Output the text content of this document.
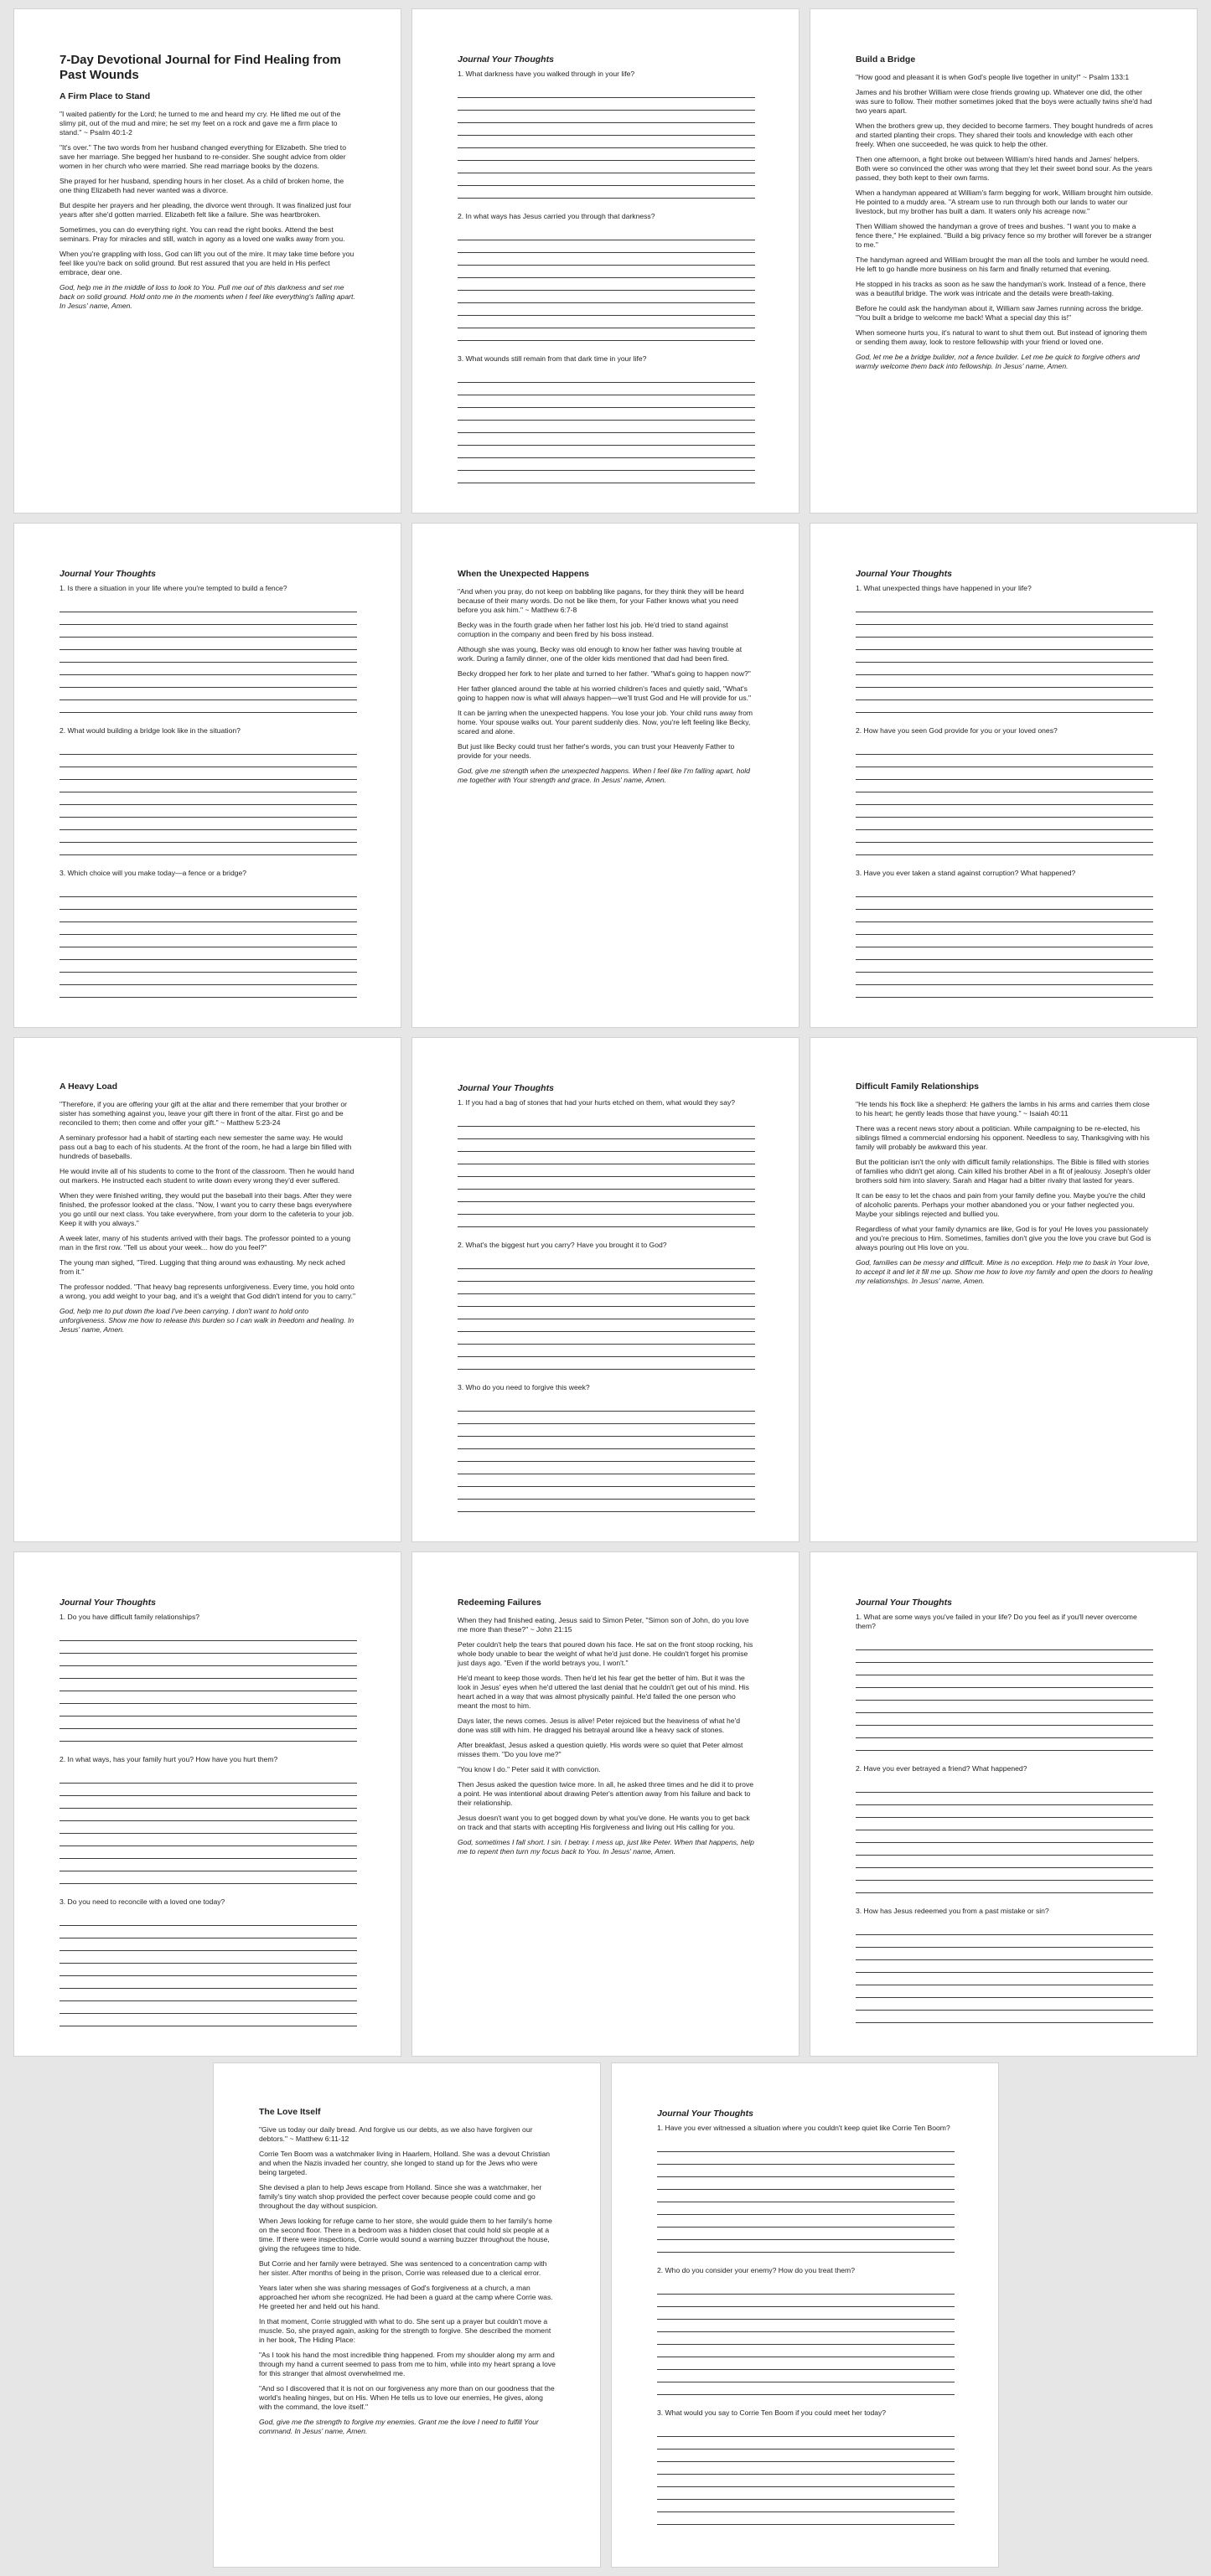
7-Day Devotional Journal for Find Healing from Past Wounds
A Firm Place to Stand
"I waited patiently for the Lord; he turned to me and heard my cry. He lifted me out of the slimy pit, out of the mud and mire; he set my feet on a rock and gave me a firm place to stand." ~ Psalm 40:1-2
"It's over." The two words from her husband changed everything for Elizabeth. She tried to save her marriage. She begged her husband to re-consider. She sought advice from older women in her church who were married. She read marriage books by the dozens.
She prayed for her husband, spending hours in her closet. As a child of broken home, the one thing Elizabeth had never wanted was a divorce.
But despite her prayers and her pleading, the divorce went through. It was finalized just four years after she'd gotten married. Elizabeth felt like a failure. She was heartbroken.
Sometimes, you can do everything right. You can read the right books. Attend the best seminars. Pray for miracles and still, watch in agony as a loved one walks away from you.
When you're grappling with loss, God can lift you out of the mire. It may take time before you feel like you're back on solid ground. But rest assured that you are held in His perfect embrace, dear one.
God, help me in the middle of loss to look to You. Pull me out of this darkness and set me back on solid ground. Hold onto me in the moments when I feel like everything's falling apart. In Jesus' name, Amen.
Journal Your Thoughts
1. What darkness have you walked through in your life?
2. In what ways has Jesus carried you through that darkness?
3. What wounds still remain from that dark time in your life?
Build a Bridge
"How good and pleasant it is when God's people live together in unity!" ~ Psalm 133:1
James and his brother William were close friends growing up. Whatever one did, the other was sure to follow. Their mother sometimes joked that the boys were actually twins she'd had two years apart.
When the brothers grew up, they decided to become farmers. They bought hundreds of acres and started planting their crops. They shared their tools and knowledge with each other freely. When one succeeded, he was quick to help the other.
Then one afternoon, a fight broke out between William's hired hands and James' helpers. Both were so convinced the other was wrong that they let their sweet bond sour. As the years passed, they both kept to their own farms.
When a handyman appeared at William's farm begging for work, William brought him outside. He pointed to a muddy area. "A stream use to run through both our lands to water our livestock, but my brother has built a dam. It waters only his acreage now."
Then William showed the handyman a grove of trees and bushes. "I want you to make a fence there," He explained. "Build a big privacy fence so my brother will forever be a stranger to me."
The handyman agreed and William brought the man all the tools and lumber he would need. He left to go handle more business on his farm and finally returned that evening.
He stopped in his tracks as soon as he saw the handyman's work. Instead of a fence, there was a beautiful bridge. The work was intricate and the details were breath-taking.
Before he could ask the handyman about it, William saw James running across the bridge. "You built a bridge to welcome me back! What a special day this is!"
When someone hurts you, it's natural to want to shut them out. But instead of ignoring them or sending them away, look to restore fellowship with your friend or loved one.
God, let me be a bridge builder, not a fence builder. Let me be quick to forgive others and warmly welcome them back into fellowship. In Jesus' name, Amen.
Journal Your Thoughts
1. Is there a situation in your life where you're tempted to build a fence?
2. What would building a bridge look like in the situation?
3. Which choice will you make today—a fence or a bridge?
When the Unexpected Happens
"And when you pray, do not keep on babbling like pagans, for they think they will be heard because of their many words. Do not be like them, for your Father knows what you need before you ask him." ~ Matthew 6:7-8
Becky was in the fourth grade when her father lost his job. He'd tried to stand against corruption in the company and been fired by his boss instead.
Although she was young, Becky was old enough to know her father was having trouble at work. During a family dinner, one of the older kids mentioned that dad had been fired.
Becky dropped her fork to her plate and turned to her father. "What's going to happen now?"
Her father glanced around the table at his worried children's faces and quietly said, "What's going to happen now is what will always happen—we'll trust God and He will provide for us."
It can be jarring when the unexpected happens. You lose your job. Your child runs away from home. Your spouse walks out. Your parent suddenly dies. Now, you're left feeling like Becky, scared and alone.
But just like Becky could trust her father's words, you can trust your Heavenly Father to provide for your needs.
God, give me strength when the unexpected happens. When I feel like I'm falling apart, hold me together with Your strength and grace. In Jesus' name, Amen.
Journal Your Thoughts
1. What unexpected things have happened in your life?
2. How have you seen God provide for you or your loved ones?
3. Have you ever taken a stand against corruption? What happened?
A Heavy Load
"Therefore, if you are offering your gift at the altar and there remember that your brother or sister has something against you, leave your gift there in front of the altar. First go and be reconciled to them; then come and offer your gift." ~ Matthew 5:23-24
A seminary professor had a habit of starting each new semester the same way. He would pass out a bag to each of his students. At the front of the room, he had a large bin filled with hundreds of baseballs.
He would invite all of his students to come to the front of the classroom. Then he would hand out markers. He instructed each student to write down every wrong they'd ever suffered.
When they were finished writing, they would put the baseball into their bags. After they were finished, the professor looked at the class. "Now, I want you to carry these bags everywhere you go until our next class. You take everywhere, from your dorm to the cafeteria to your job. Keep it with you always."
A week later, many of his students arrived with their bags. The professor pointed to a young man in the first row. "Tell us about your week... how do you feel?"
The young man sighed, "Tired. Lugging that thing around was exhausting. My neck ached from it."
The professor nodded. "That heavy bag represents unforgiveness. Every time, you hold onto a wrong, you add weight to your bag, and it's a weight that God didn't intend for you to carry."
God, help me to put down the load I've been carrying. I don't want to hold onto unforgiveness. Show me how to release this burden so I can walk in freedom and healing. In Jesus' name, Amen.
Journal Your Thoughts
1. If you had a bag of stones that had your hurts etched on them, what would they say?
2. What's the biggest hurt you carry? Have you brought it to God?
3. Who do you need to forgive this week?
Difficult Family Relationships
"He tends his flock like a shepherd: He gathers the lambs in his arms and carries them close to his heart; he gently leads those that have young." ~ Isaiah 40:11
There was a recent news story about a politician. While campaigning to be re-elected, his siblings filmed a commercial endorsing his opponent. Needless to say, Thanksgiving with his family will probably be awkward this year.
But the politician isn't the only with difficult family relationships. The Bible is filled with stories of families who didn't get along. Cain killed his brother Abel in a fit of jealousy. Joseph's older brothers sold him into slavery. Sarah and Hagar had a bitter rivalry that lasted for years.
It can be easy to let the chaos and pain from your family define you. Maybe you're the child of alcoholic parents. Perhaps your mother abandoned you or your father neglected you. Maybe your siblings rejected and bullied you.
Regardless of what your family dynamics are like, God is for you! He loves you passionately and you're precious to Him. Sometimes, families don't give you the love you crave but God is always pouring out His love on you.
God, families can be messy and difficult. Mine is no exception. Help me to bask in Your love, to accept it and let it fill me up. Show me how to love my family and open the doors to healing my relationships. In Jesus' name, Amen.
Journal Your Thoughts
1. Do you have difficult family relationships?
2. In what ways, has your family hurt you? How have you hurt them?
3. Do you need to reconcile with a loved one today?
Redeeming Failures
When they had finished eating, Jesus said to Simon Peter, "Simon son of John, do you love me more than these?" ~ John 21:15
Peter couldn't help the tears that poured down his face. He sat on the front stoop rocking, his whole body unable to bear the weight of what he'd just done. He couldn't forget his promise just days ago. "Even if the world betrays you, I won't."
He'd meant to keep those words. Then he'd let his fear get the better of him. But it was the look in Jesus' eyes when he'd uttered the last denial that he couldn't get out of his mind. His heart ached in a way that was almost physically painful. He'd failed the one person who meant the most to him.
Days later, the news comes. Jesus is alive! Peter rejoiced but the heaviness of what he'd done was still with him. He dragged his betrayal around like a heavy sack of stones.
After breakfast, Jesus asked a question quietly. His words were so quiet that Peter almost misses them. "Do you love me?"
"You know I do." Peter said it with conviction.
Then Jesus asked the question twice more. In all, he asked three times and he did it to prove a point. He was intentional about drawing Peter's attention away from his failure and back to their relationship.
Jesus doesn't want you to get bogged down by what you've done. He wants you to get back on track and that starts with accepting His forgiveness and living out His calling for you.
God, sometimes I fall short. I sin. I betray. I mess up, just like Peter. When that happens, help me to repent then turn my focus back to You. In Jesus' name, Amen.
Journal Your Thoughts
1. What are some ways you've failed in your life? Do you feel as if you'll never overcome them?
2. Have you ever betrayed a friend? What happened?
3. How has Jesus redeemed you from a past mistake or sin?
The Love Itself
"Give us today our daily bread. And forgive us our debts, as we also have forgiven our debtors." ~ Matthew 6:11-12
Corrie Ten Boom was a watchmaker living in Haarlem, Holland. She was a devout Christian and when the Nazis invaded her country, she longed to stand up for the Jews who were being targeted.
She devised a plan to help Jews escape from Holland. Since she was a watchmaker, her family's tiny watch shop provided the perfect cover because people could come and go throughout the day without suspicion.
When Jews looking for refuge came to her store, she would guide them to her family's home on the second floor. There in a bedroom was a hidden closet that could hold six people at a time. If there were inspections, Corrie would sound a warning buzzer throughout the house, giving the refugees time to hide.
But Corrie and her family were betrayed. She was sentenced to a concentration camp with her sister. After months of being in the prison, Corrie was released due to a clerical error.
Years later when she was sharing messages of God's forgiveness at a church, a man approached her whom she recognized. He had been a guard at the camp where Corrie was. He greeted her and held out his hand.
In that moment, Corrie struggled with what to do. She sent up a prayer but couldn't move a muscle. So, she prayed again, asking for the strength to forgive. She described the moment in her book, The Hiding Place:
"As I took his hand the most incredible thing happened. From my shoulder along my arm and through my hand a current seemed to pass from me to him, while into my heart sprang a love for this stranger that almost overwhelmed me.
"And so I discovered that it is not on our forgiveness any more than on our goodness that the world's healing hinges, but on His. When He tells us to love our enemies, He gives, along with the command, the love itself."
God, give me the strength to forgive my enemies. Grant me the love I need to fulfill Your command. In Jesus' name, Amen.
Journal Your Thoughts
1. Have you ever witnessed a situation where you couldn't keep quiet like Corrie Ten Boom?
2. Who do you consider your enemy? How do you treat them?
3. What would you say to Corrie Ten Boom if you could meet her today?
